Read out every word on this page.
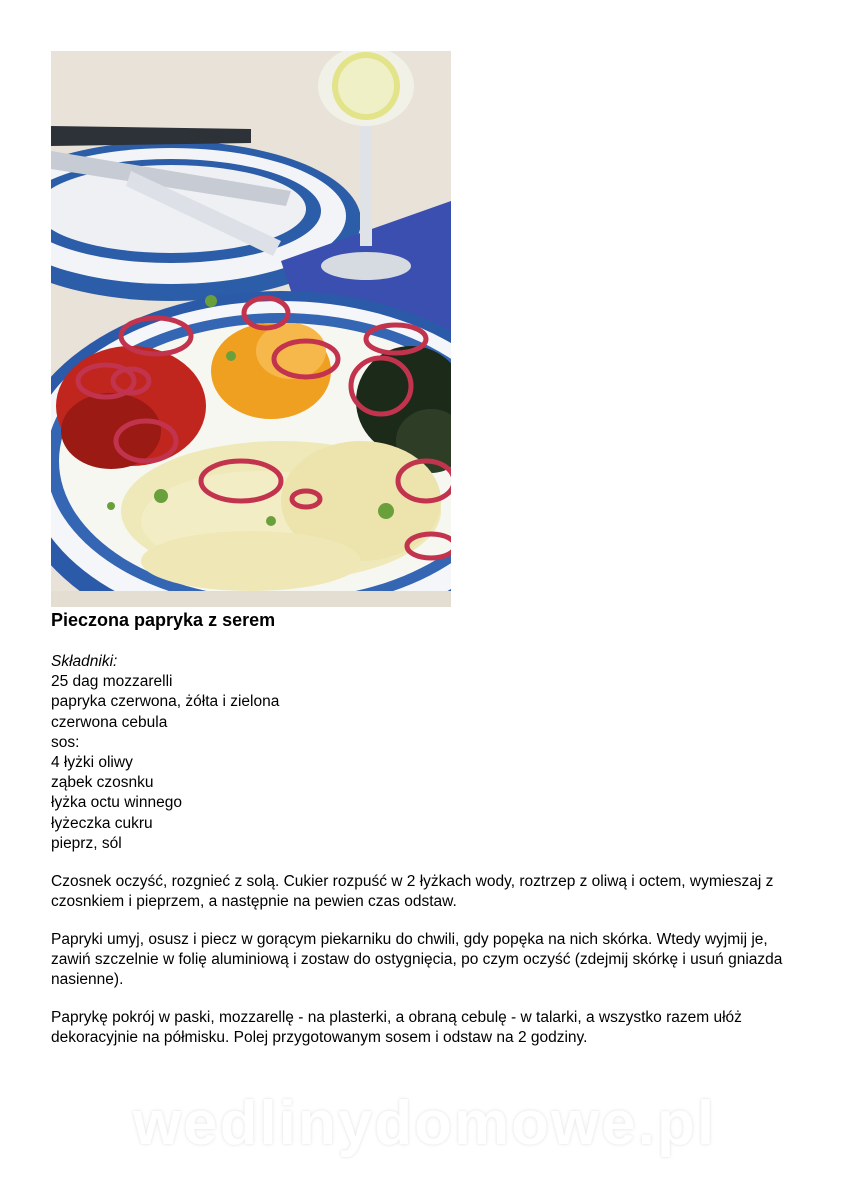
Pieczona papryka z serem
Składniki:
25 dag mozzarelli
papryka czerwona, żółta i zielona
czerwona cebula
sos:
4 łyżki oliwy
ząbek czosnku
łyżka octu winnego
łyżeczka cukru
pieprz, sól

Czosnek oczyść, rozgnieć z solą. Cukier rozpuść w 2 łyżkach wody, roztrzep z oliwą i octem, wymieszaj z czosnkiem i pieprzem, a następnie na pewien czas odstaw.

Papryki umyj, osusz i piecz w gorącym piekarniku do chwili, gdy popęka na nich skórka. Wtedy wyjmij je, zawiń szczelnie w folię aluminiową i zostaw do ostygnięcia, po czym oczyść (zdejmij skórkę i usuń gniazda nasienne).

Paprykę pokrój w paski, mozzarellę - na plasterki, a obraną cebulę - w talarki, a wszystko razem ułóż dekoracyjnie na półmisku. Polej przygotowanym sosem i odstaw na 2 godziny.

wedlinydomowe.pl
